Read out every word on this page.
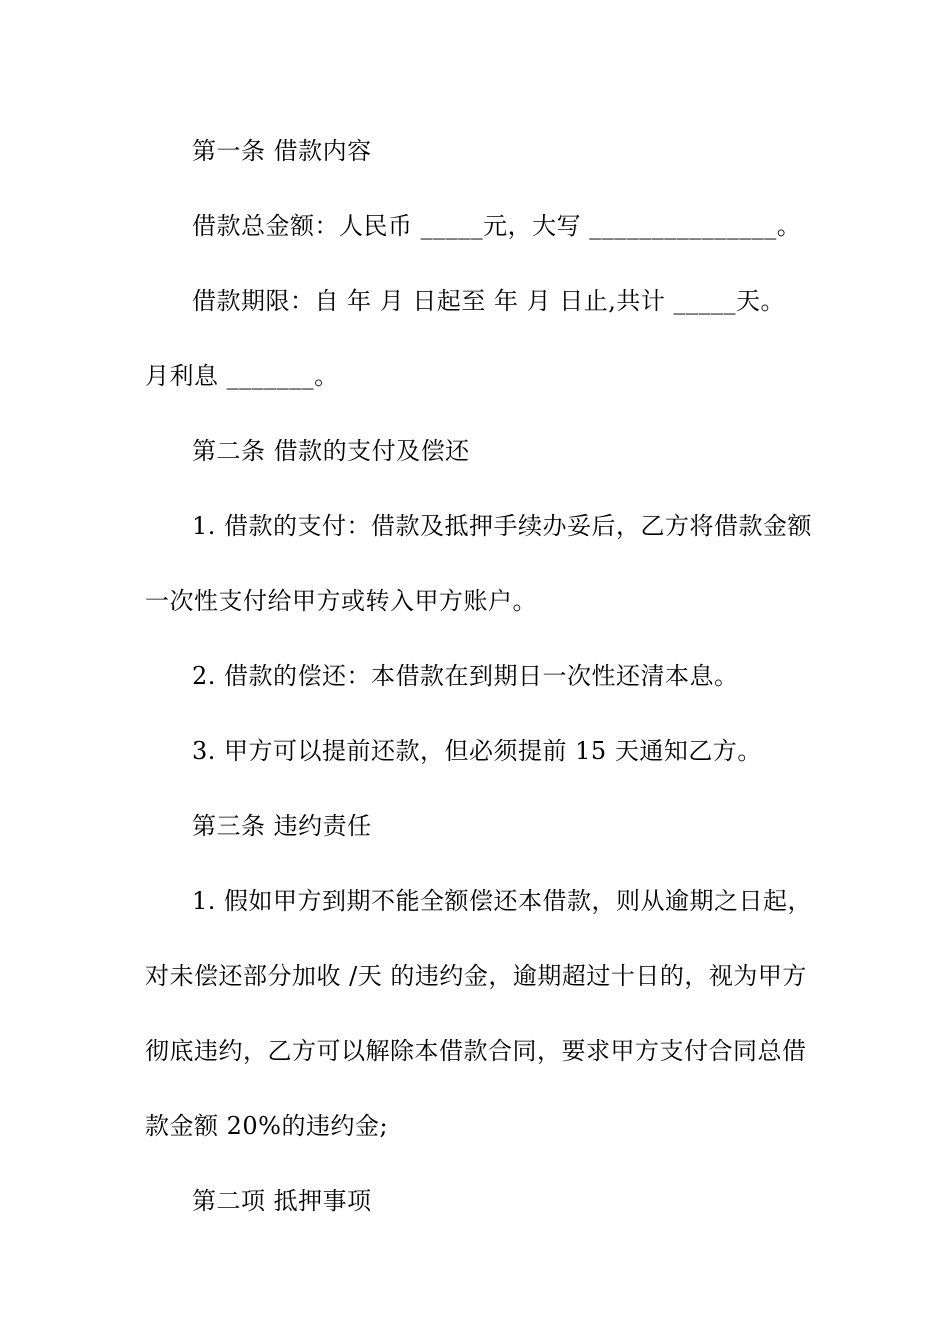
第一条 借款内容
借款总金额：人民币 _____元，大写 _______________。
借款期限：自 年 月 日起至 年 月 日止,共计 _____天。
月利息 _______。
第二条 借款的支付及偿还
1. 借款的支付：借款及抵押手续办妥后，乙方将借款金额
一次性支付给甲方或转入甲方账户。
2. 借款的偿还：本借款在到期日一次性还清本息。
3. 甲方可以提前还款，但必须提前 15 天通知乙方。
第三条 违约责任
1. 假如甲方到期不能全额偿还本借款，则从逾期之日起，
对未偿还部分加收 /天 的违约金，逾期超过十日的，视为甲方
彻底违约，乙方可以解除本借款合同，要求甲方支付合同总借
款金额 20%的违约金;
第二项 抵押事项
